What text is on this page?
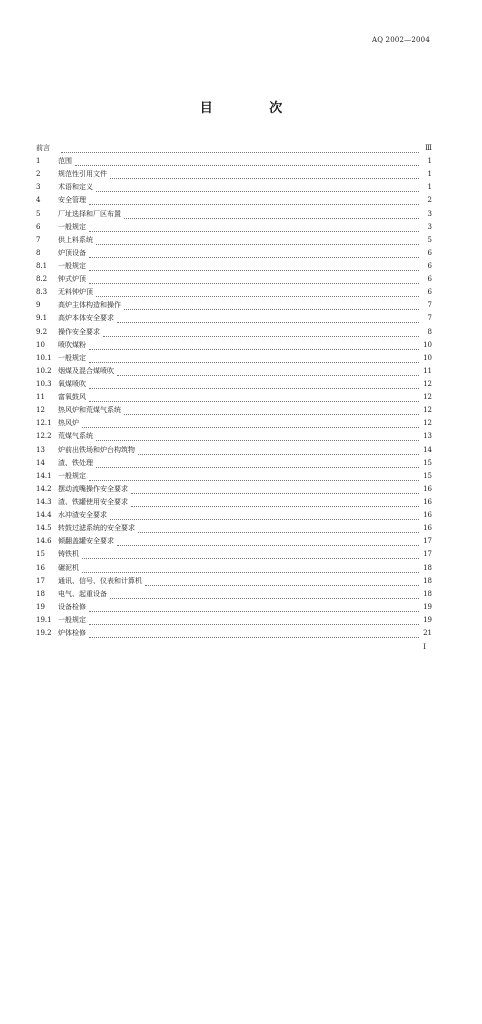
AQ 2002—2004
目 次
前言	Ⅲ
1	范围	1
2	规范性引用文件	1
3	术语和定义	1
4	安全管理	2
5	厂址选择和厂区布置	3
6	一般规定	3
7	供上料系统	5
8	炉顶设备	6
8.1	一般规定	6
8.2	钟式炉顶	6
8.3	无料钟炉顶	6
9	高炉主体构造和操作	7
9.1	高炉本体安全要求	7
9.2	操作安全要求	8
10	喷吹煤粉	10
10.1 一般规定	10
10.2 烟煤及混合煤喷吹	11
10.3 氧煤喷吹	12
11	富氧鼓风	12
12	热风炉和荒煤气系统	12
12.1 热风炉	12
12.2 荒煤气系统	13
13	炉前出铁场和炉台构筑物	14
14	渣、铁处理	15
14.1 一般规定	15
14.2 摆动流嘴操作安全要求	16
14.3 渣、铁罐使用安全要求	16
14.4 水冲渣安全要求	16
14.5 转鼓过滤系统的安全要求	16
14.6 倾翻盖罐安全要求	17
15	铸铁机	17
16	碾泥机	18
17	通讯、信号、仪表和计算机	18
18	电气、起重设备	18
19	设备检修	19
19.1 一般规定	19
19.2 炉体检修	21
I
